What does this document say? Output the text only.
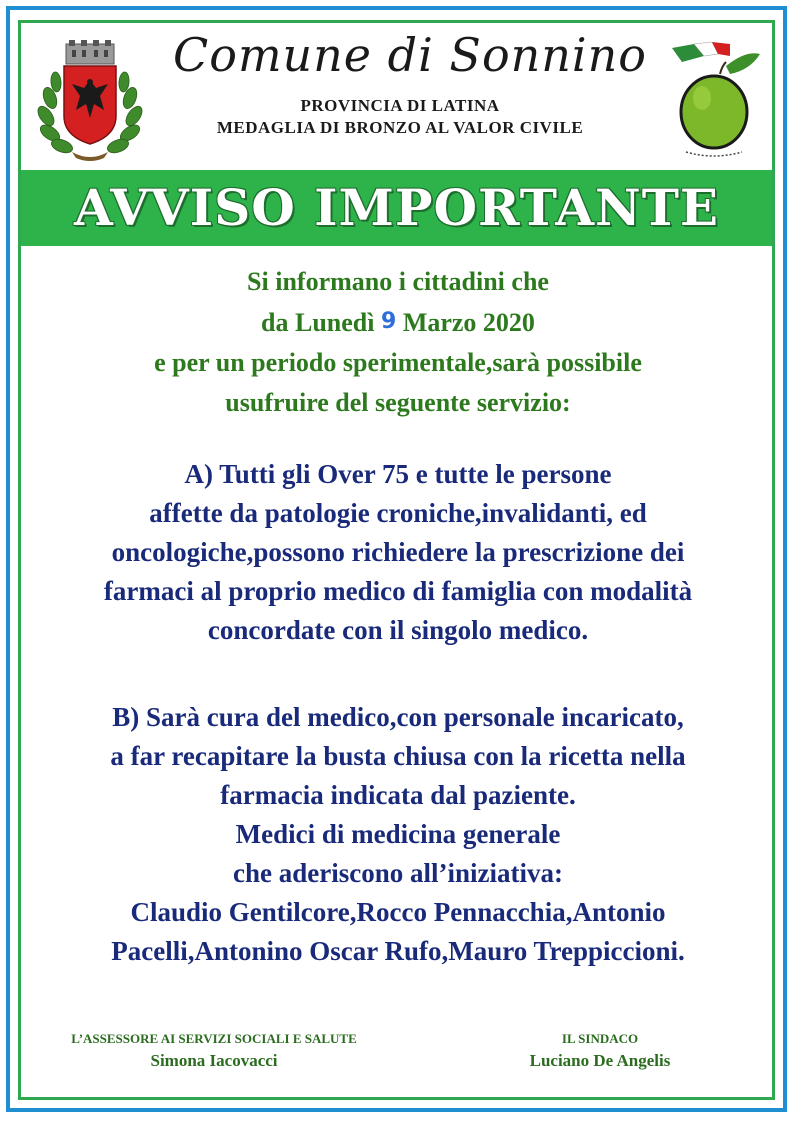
Comune di Sonnino
PROVINCIA DI LATINA
MEDAGLIA DI BRONZO AL VALOR CIVILE
AVVISO IMPORTANTE
Si informano i cittadini che
da Lunedì 9 Marzo 2020
e per un periodo sperimentale,sarà possibile
usufruire del seguente servizio:
A) Tutti gli Over 75 e tutte le persone
affette da patologie croniche,invalidanti, ed
oncologiche,possono richiedere la prescrizione dei
farmaci al proprio medico di famiglia con modalità
concordate con il singolo medico.
B) Sarà cura del medico,con personale incaricato,
a far recapitare la busta chiusa con la ricetta nella
farmacia indicata dal paziente.
Medici di medicina generale
che aderiscono all’iniziativa:
Claudio Gentilcore,Rocco Pennacchia,Antonio
Pacelli,Antonino Oscar Rufo,Mauro Treppiccioni.
L’ASSESSORE AI SERVIZI SOCIALI E SALUTE
Simona Iacovacci
IL SINDACO
Luciano De Angelis
